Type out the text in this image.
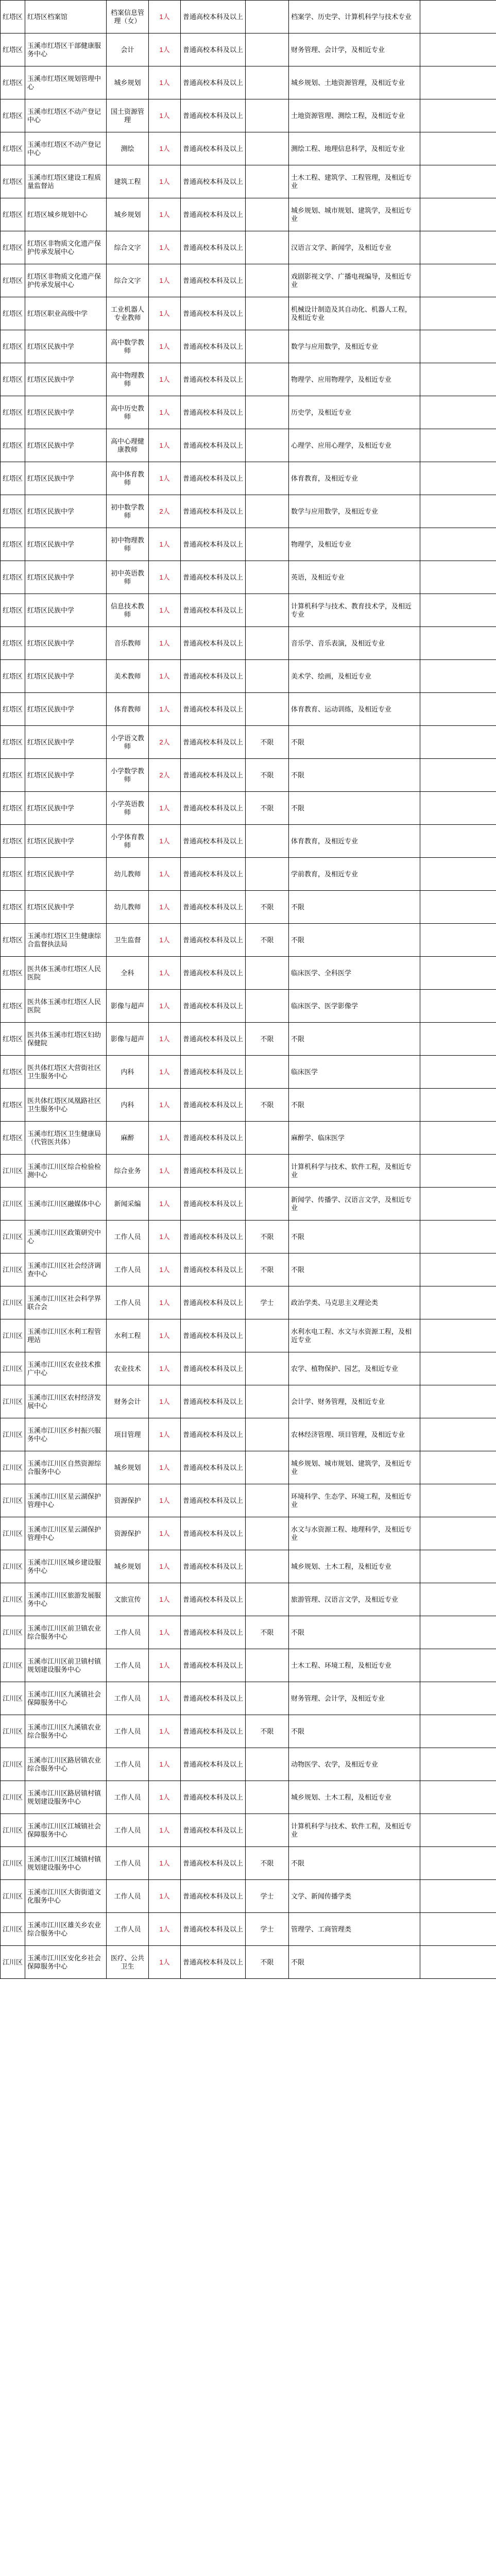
红塔区	红塔区档案馆	档案信息管理（女）	1人	普通高校本科及以上		档案学、历史学、计算机科学与技术专业	
红塔区	玉溪市红塔区干部健康服务中心	会计	1人	普通高校本科及以上		财务管理、会计学，及相近专业	
红塔区	玉溪市红塔区规划管理中心	城乡规划	1人	普通高校本科及以上		城乡规划、土地资源管理，及相近专业	
红塔区	玉溪市红塔区不动产登记中心	国土资源管理	1人	普通高校本科及以上		土地资源管理、测绘工程，及相近专业	
红塔区	玉溪市红塔区不动产登记中心	测绘	1人	普通高校本科及以上		测绘工程、地理信息科学，及相近专业	
红塔区	玉溪市红塔区建设工程质量监督站	建筑工程	1人	普通高校本科及以上		土木工程、建筑学、工程管理，及相近专业	
红塔区	红塔区城乡规划中心	城乡规划	1人	普通高校本科及以上		城乡规划、城市规划、建筑学，及相近专业	
红塔区	红塔区非物质文化遗产保护传承发展中心	综合文字	1人	普通高校本科及以上		汉语言文学、新闻学，及相近专业	
红塔区	红塔区非物质文化遗产保护传承发展中心	综合文字	1人	普通高校本科及以上		戏剧影视文学、广播电视编导，及相近专业	
红塔区	红塔区职业高级中学	工业机器人专业教师	1人	普通高校本科及以上		机械设计制造及其自动化、机器人工程，及相近专业	
红塔区	红塔区民族中学	高中数学教师	1人	普通高校本科及以上		数学与应用数学，及相近专业	
红塔区	红塔区民族中学	高中物理教师	1人	普通高校本科及以上		物理学、应用物理学，及相近专业	
红塔区	红塔区民族中学	高中历史教师	1人	普通高校本科及以上		历史学，及相近专业	
红塔区	红塔区民族中学	高中心理健康教师	1人	普通高校本科及以上		心理学、应用心理学，及相近专业	
红塔区	红塔区民族中学	高中体育教师	1人	普通高校本科及以上		体育教育，及相近专业	
红塔区	红塔区民族中学	初中数学教师	2人	普通高校本科及以上		数学与应用数学，及相近专业	
红塔区	红塔区民族中学	初中物理教师	1人	普通高校本科及以上		物理学，及相近专业	
红塔区	红塔区民族中学	初中英语教师	1人	普通高校本科及以上		英语，及相近专业	
红塔区	红塔区民族中学	信息技术教师	1人	普通高校本科及以上		计算机科学与技术、教育技术学，及相近专业	
红塔区	红塔区民族中学	音乐教师	1人	普通高校本科及以上		音乐学、音乐表演，及相近专业	
红塔区	红塔区民族中学	美术教师	1人	普通高校本科及以上		美术学、绘画，及相近专业	
红塔区	红塔区民族中学	体育教师	1人	普通高校本科及以上		体育教育、运动训练，及相近专业	
红塔区	红塔区民族中学	小学语文教师	2人	普通高校本科及以上	不限	不限	
红塔区	红塔区民族中学	小学数学教师	2人	普通高校本科及以上	不限	不限	
红塔区	红塔区民族中学	小学英语教师	1人	普通高校本科及以上	不限	不限	
红塔区	红塔区民族中学	小学体育教师	1人	普通高校本科及以上		体育教育，及相近专业	
红塔区	红塔区民族中学	幼儿教师	1人	普通高校本科及以上		学前教育，及相近专业	
红塔区	红塔区民族中学	幼儿教师	1人	普通高校本科及以上	不限	不限	
红塔区	玉溪市红塔区卫生健康综合监督执法局	卫生监督	1人	普通高校本科及以上	不限	不限	
红塔区	医共体玉溪市红塔区人民医院	全科	1人	普通高校本科及以上		临床医学、全科医学	
红塔区	医共体玉溪市红塔区人民医院	影像与超声	1人	普通高校本科及以上		临床医学、医学影像学	
红塔区	医共体玉溪市红塔区妇幼保健院	影像与超声	1人	普通高校本科及以上	不限	不限	
红塔区	医共体红塔区大营街社区卫生服务中心	内科	1人	普通高校本科及以上		临床医学	
红塔区	医共体红塔区凤凰路社区卫生服务中心	内科	1人	普通高校本科及以上	不限	不限	
红塔区	玉溪市红塔区卫生健康局（代管医共体）	麻醉	1人	普通高校本科及以上		麻醉学、临床医学	
江川区	玉溪市江川区综合检验检测中心	综合业务	1人	普通高校本科及以上		计算机科学与技术、软件工程，及相近专业	
江川区	玉溪市江川区融媒体中心	新闻采编	1人	普通高校本科及以上		新闻学、传播学、汉语言文学，及相近专业	
江川区	玉溪市江川区政策研究中心	工作人员	1人	普通高校本科及以上	不限	不限	
江川区	玉溪市江川区社会经济调查中心	工作人员	1人	普通高校本科及以上	不限	不限	
江川区	玉溪市江川区社会科学界联合会	工作人员	1人	普通高校本科及以上	学士	政治学类、马克思主义理论类	
江川区	玉溪市江川区水利工程管理站	水利工程	1人	普通高校本科及以上		水利水电工程、水文与水资源工程，及相近专业	
江川区	玉溪市江川区农业技术推广中心	农业技术	1人	普通高校本科及以上		农学、植物保护、园艺，及相近专业	
江川区	玉溪市江川区农村经济发展中心	财务会计	1人	普通高校本科及以上		会计学、财务管理，及相近专业	
江川区	玉溪市江川区乡村振兴服务中心	项目管理	1人	普通高校本科及以上		农林经济管理、项目管理，及相近专业	
江川区	玉溪市江川区自然资源综合服务中心	城乡规划	1人	普通高校本科及以上		城乡规划、城市规划、建筑学，及相近专业	
江川区	玉溪市江川区星云湖保护管理中心	资源保护	1人	普通高校本科及以上		环境科学、生态学、环境工程，及相近专业	
江川区	玉溪市江川区星云湖保护管理中心	资源保护	1人	普通高校本科及以上		水文与水资源工程、地理科学，及相近专业	
江川区	玉溪市江川区城乡建设服务中心	城乡规划	1人	普通高校本科及以上		城乡规划、土木工程，及相近专业	
江川区	玉溪市江川区旅游发展服务中心	文旅宣传	1人	普通高校本科及以上		旅游管理、汉语言文学，及相近专业	
江川区	玉溪市江川区前卫镇农业综合服务中心	工作人员	1人	普通高校本科及以上	不限	不限	
江川区	玉溪市江川区前卫镇村镇规划建设服务中心	工作人员	1人	普通高校本科及以上		土木工程、环境工程，及相近专业	
江川区	玉溪市江川区九溪镇社会保障服务中心	工作人员	1人	普通高校本科及以上		财务管理、会计学，及相近专业	
江川区	玉溪市江川区九溪镇农业综合服务中心	工作人员	1人	普通高校本科及以上	不限	不限	
江川区	玉溪市江川区路居镇农业综合服务中心	工作人员	1人	普通高校本科及以上		动物医学、农学，及相近专业	
江川区	玉溪市江川区路居镇村镇规划建设服务中心	工作人员	1人	普通高校本科及以上		城乡规划、土木工程，及相近专业	
江川区	玉溪市江川区江城镇社会保障服务中心	工作人员	1人	普通高校本科及以上		计算机科学与技术、软件工程，及相近专业	
江川区	玉溪市江川区江城镇村镇规划建设服务中心	工作人员	1人	普通高校本科及以上	不限	不限	
江川区	玉溪市江川区大街街道文化服务中心	工作人员	1人	普通高校本科及以上	学士	文学、新闻传播学类	
江川区	玉溪市江川区雄关乡农业综合服务中心	工作人员	1人	普通高校本科及以上	学士	管理学、工商管理类	
江川区	玉溪市江川区安化乡社会保障服务中心	医疗、公共卫生	1人	普通高校本科及以上	不限	不限	
